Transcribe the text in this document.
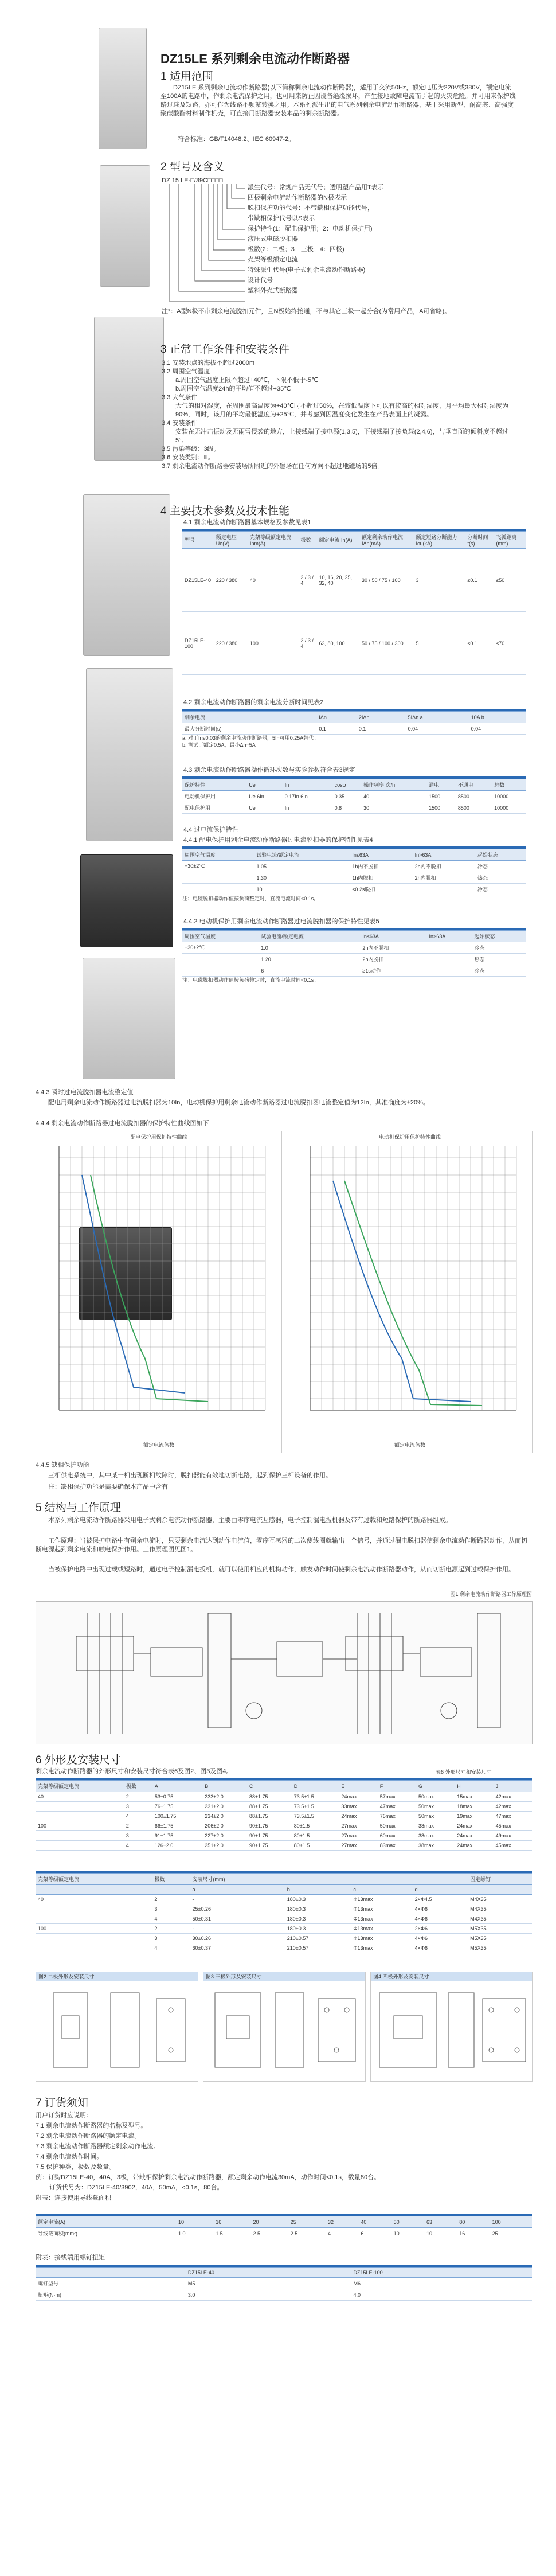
DZ15LE 系列剩余电流动作断路器
1 适用范围
DZ15LE 系列剩余电流动作断路器(以下简称剩余电流动作断路器)，适用于交流50Hz，额定电压为220V或380V，额定电流至100A的电路中，作剩余电流保护之用，也可用来防止因设备绝缘损坏，产生接地故障电流而引起的火灾危险。并可用来保护线路过载及短路，亦可作为线路不频繁转换之用。本系列派生出的电气系列剩余电流动作断路器，基于采用新型、耐高寒、高强度聚碳酸酯材料制作机壳，可直接用断路器安装本品的剩余断路器。
符合标准：GB/T14048.2、IEC 60947-2。
2 型号及含义
DZ 15 LE-□/39C□□□□
派生代号：常规产品无代号；透明塑产品用T表示
四极剩余电流动作断路器的N极表示
脱扣保护功能代号：不带缺相保护功能代号，
带缺相保护代号以S表示
保护特性(1：配电保护用；2：电动机保护用)
液压式电磁脱扣器
极数(2：二极；3：三极；4：四极)
壳架等级额定电流
特殊派生代号(电子式剩余电流动作断路器)
设计代号
塑料外壳式断路器
注*：A型N极不带剩余电流脱扣元件，且N极始终接通，不与其它三极一起分合(为常用产品，A可省略)。
3 正常工作条件和安装条件
3.1 安装地点的海拔不超过2000m
3.2 周围空气温度
a.周围空气温度上限不超过+40℃，下限不低于-5℃
b.周围空气温度24h的平均值不超过+35℃
3.3 大气条件
大气的相对湿度，在周围最高温度为+40℃时不超过50%，在较低温度下可以有较高的相对湿度，月平均最大相对湿度为90%，同时，该月的平均最低温度为+25℃，并考虑到因温度变化发生在产品表面上的凝露。
3.4 安装条件
安装在无冲击振动及无雨雪侵袭的地方，上接线端子接电源(1,3,5)，下接线端子接负载(2,4,6)，与垂直面的倾斜度不超过5°。
3.5 污染等级：3级。
3.6 安装类别：Ⅲ。
3.7 剩余电流动作断路器安装场所附近的外磁场在任何方向不超过地磁场的5倍。
4 主要技术参数及技术性能
4.1 剩余电流动作断路器基本规格及参数见表1
型号	额定电压 Ue(V)	壳架等级额定电流 Inm(A)	极数	额定电流 In(A)	额定剩余动作电流 IΔn(mA)	额定短路分断能力 Icu(kA)	分断时间 t(s)	飞弧距离 (mm)
DZ15LE-40	220 / 380	40	2 / 3 / 4	10, 16, 20, 25, 32, 40	30 / 50 / 75 / 100	3	≤0.1	≤50
DZ15LE-100	220 / 380	100	2 / 3 / 4	63, 80, 100	50 / 75 / 100 / 300	5	≤0.1	≤70
4.2 剩余电流动作断路器的剩余电流分断时间见表2
剩余电流	IΔn	2IΔn	5IΔn a	10A b
最大分断时间(s)	0.1	0.1	0.04	0.04
a. 对于In≤0.03的剩余电流动作断路器，5I=可用0.25A替代。
b. 测试于额定0.5A，最小Δn=5A。
4.3 剩余电流动作断路器操作循环次数与实验参数符合表3规定
保护特性	Ue	In	cosφ	操作频率 次/h	通电	不通电	总数
电动机保护用	Ue 6In	0.17In 6In	0.35	40	1500	8500	10000
配电保护用	Ue	In	0.8	30	1500	8500	10000
4.4 过电流保护特性
4.4.1 配电保护用剩余电流动作断路器过电流脱扣器的保护特性见表4
周围空气温度	试验电流/额定电流	In≤63A	In>63A	起始状态
+30±2℃	1.05	1h内不脱扣	2h内不脱扣	冷态
	1.30	1h内脱扣	2h内脱扣	热态
	10	≤0.2s脱扣		冷态
注：电磁脱扣器动作值按负荷整定时，直流电流时间<0.1s。
4.4.2 电动机保护用剩余电流动作断路器过电流脱扣器的保护特性见表5
周围空气温度	试验电流/额定电流	In≤63A	In>63A	起始状态
+30±2℃	1.0	2h内不脱扣		冷态
	1.20	2h内脱扣		热态
	6	≥1s动作		冷态
注：电磁脱扣器动作值按负荷整定时，直流电流时间<0.1s。
4.4.3 瞬时过电流脱扣器电流整定值
配电用剩余电流动作断路器过电流脱扣器为10In，电动机保护用剩余电流动作断路器过电流脱扣器电流整定值为12In，其准确度为±20%。
4.4.4 剩余电流动作断路器过电流脱扣器的保护特性曲线图如下
配电保护用保护特性曲线
额定电流倍数
电动机保护用保护特性曲线
额定电流倍数
4.4.5 缺相保护功能
三相供电系统中，其中某一相出现断相故障时，脱扣器能有效地切断电路，起到保护三相设备的作用。
注：缺相保护功能是需要确保本产品中含有
5 结构与工作原理
本系列剩余电流动作断路器采用电子式剩余电流动作断路器，主要由零序电流互感器，电子控制漏电扳机器及带有过载和短路保护的断路器组成。
工作原理：当被保护电路中有剩余电流时，只要剩余电流达到动作电流值，零序互感器的二次侧线圈就输出一个信号，并通过漏电脱扣器使剩余电流动作断路器动作，从而切断电源起到剩余电流和触电保护作用。工作原理图见图1。
当被保护电路中出现过载或短路时，通过电子控制漏电扳机，就可以使用相应的机构动作，触发动作时间使剩余电流动作断路器动作，从而切断电源起到过载保护作用。
图1 剩余电流动作断路器工作原理图
6 外形及安装尺寸
剩余电流动作断路器的外形尺寸和安装尺寸符合表6及图2、图3及图4。	表6 外形尺寸和安装尺寸
壳架等级额定电流	极数	A	B	C	D	E	F	G	H	J
40	2	53±0.75	233±2.0	88±1.75	73.5±1.5	24max	57max	50max	15max	42max
	3	76±1.75	231±2.0	88±1.75	73.5±1.5	33max	47max	50max	18max	42max
	4	100±1.75	234±2.0	88±1.75	73.5±1.5	24max	76max	50max	19max	47max
100	2	66±1.75	206±2.0	90±1.75	80±1.5	27max	50max	38max	24max	45max
	3	91±1.75	227±2.0	90±1.75	80±1.5	27max	60max	38max	24max	49max
	4	126±2.0	251±2.0	90±1.75	80±1.5	27max	83max	38max	24max	45max
壳架等级额定电流	极数	安装尺寸(mm)				固定螺钉
		a	b	c	d	
40	2	-	180±0.3	Φ13max	2×Φ4.5	M4X35
	3	25±0.26	180±0.3	Φ13max	4×Φ6	M4X35
	4	50±0.31	180±0.3	Φ13max	4×Φ6	M4X35
100	2	-	180±0.3	Φ13max	2×Φ6	M5X35
	3	30±0.26	210±0.57	Φ13max	4×Φ6	M5X35
	4	60±0.37	210±0.57	Φ13max	4×Φ6	M5X35
图2 二极外形及安装尺寸	图3 三极外形及安装尺寸	图4 四极外形及安装尺寸
7 订货须知
用户订货时应说明：
7.1 剩余电流动作断路器的名称及型号。
7.2 剩余电流动作断路器的额定电流。
7.3 剩余电流动作断路器额定剩余动作电流。
7.4 剩余电流动作时间。
7.5 保护种类，极数及数量。
例：订购DZ15LE-40，40A，3极，带缺相保护剩余电流动作断路器，额定剩余动作电流30mA，动作时间<0.1s，数量80台。
订货代号为：DZ15LE-40/3902，40A，50mA，<0.1s，80台。
附表：连接使用导线截面积
额定电流(A)	10	16	20	25	32	40	50	63	80	100
导线截面积(mm²)	1.0	1.5	2.5	2.5	4	6	10	10	16	25
附表：接线端用螺钉扭矩
	DZ15LE-40	DZ15LE-100
螺钉型号	M5	M6
扭矩(N·m)	3.0	4.0
